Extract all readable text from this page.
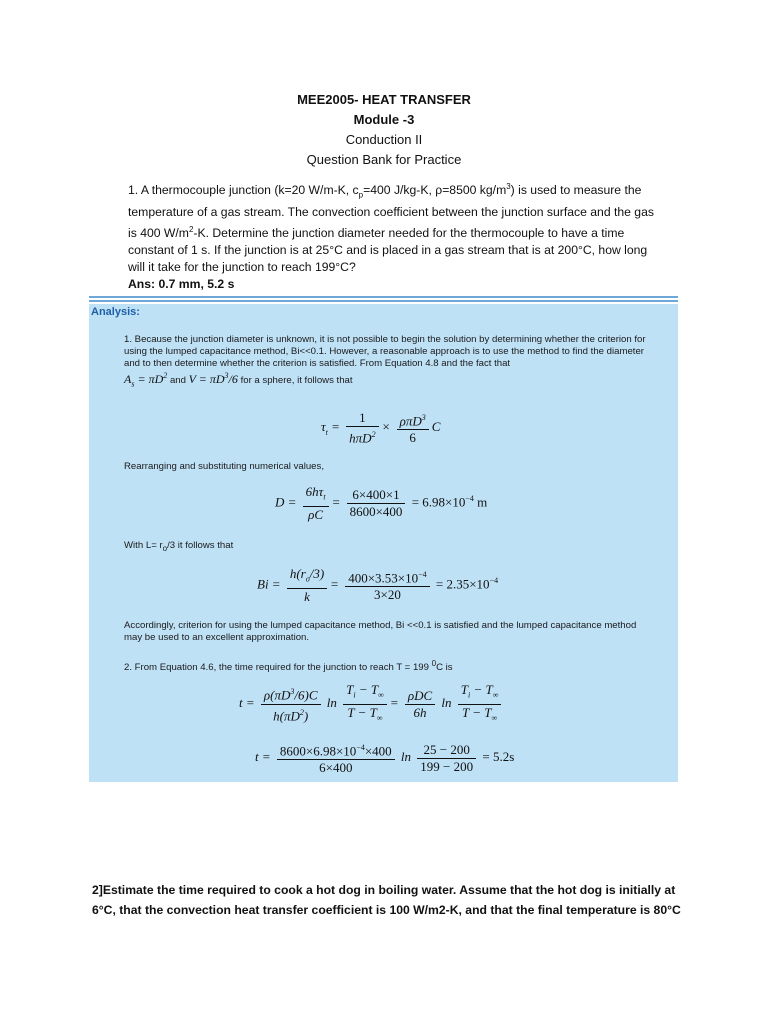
MEE2005- HEAT TRANSFER
Module -3
Conduction II
Question Bank for Practice
1. A thermocouple junction (k=20 W/m-K, $c_p=400$ J/kg-K, ρ=8500 $kg/m^3$) is used to measure the temperature of a gas stream. The convection coefficient between the junction surface and the gas is 400 $W/m^2-K$. Determine the junction diameter needed for the thermocouple to have a time constant of 1 s. If the junction is at 25°C and is placed in a gas stream that is at 200°C, how long will it take for the junction to reach 199°C?
Ans: 0.7 mm, 5.2 s
Analysis:
1. Because the junction diameter is unknown, it is not possible to begin the solution by determining whether the criterion for using the lumped capacitance method, Bi<<0.1. However, a reasonable approach is to use the method to find the diameter and to then determine whether the criterion is satisfied. From Equation 4.8 and the fact that
$A_s = \pi D^2$ and $V = \pi D^3/6$ for a sphere, it follows that
$\tau_t = \frac{1}{h\pi D^2} \times \frac{\rho\pi D^3}{6}$ C
Rearranging and substituting numerical values,
$D = \frac{6h\tau_t}{\rho C} = \frac{6\times 400\times 1}{8600\times 400} = 6.98\times 10^{-4}$ m
With $L= r_o/3$ it follows that
$Bi = \frac{h(r_o/3)}{k} = \frac{400\times 3.53\times 10^{-4}}{3\times 20} = 2.35\times 10^{-4}$
Accordingly, criterion for using the lumped capacitance method, Bi <<0.1 is satisfied and the lumped capacitance method may be used to an excellent approximation.
2. From Equation 4.6, the time required for the junction to reach T = 199 $^0$C is
$t = \frac{\rho(\pi D^3/6)C}{h(\pi D^2)}$ $\ln \frac{T_i - T_\infty}{T - T_\infty} = \frac{\text{ρDC}}{6h}$ $\ln \frac{T_i - T_\infty}{T - T_\infty}$
$t = \frac{8600\times 6.98\times 10^{-4}\times 400}{6\times 400}$ $\ln \frac{25 - 200}{199 - 200} = 5.2s$
2]Estimate the time required to cook a hot dog in boiling water. Assume that the hot dog is initially at 6°C, that the convection heat transfer coefficient is 100 W/m2-K, and that the final temperature is 80°C
